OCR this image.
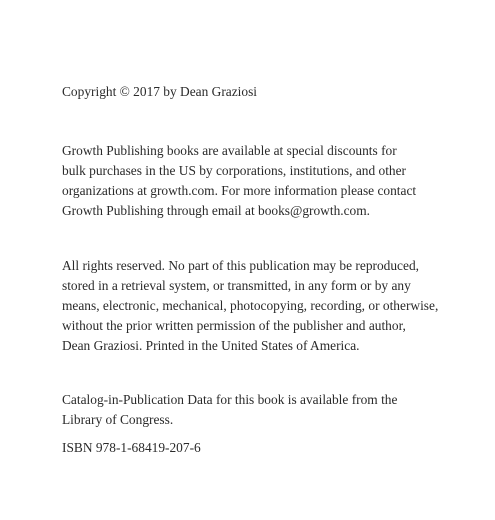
Copyright © 2017 by Dean Graziosi

Growth Publishing books are available at special discounts for
bulk purchases in the US by corporations, institutions, and other
organizations at growth.com. For more information please contact
Growth Publishing through email at books@growth.com.

All rights reserved. No part of this publication may be reproduced,
stored in a retrieval system, or transmitted, in any form or by any
means, electronic, mechanical, photocopying, recording, or otherwise,
without the prior written permission of the publisher and author,
Dean Graziosi. Printed in the United States of America.

Catalog-in-Publication Data for this book is available from the
Library of Congress.

ISBN 978-1-68419-207-6
